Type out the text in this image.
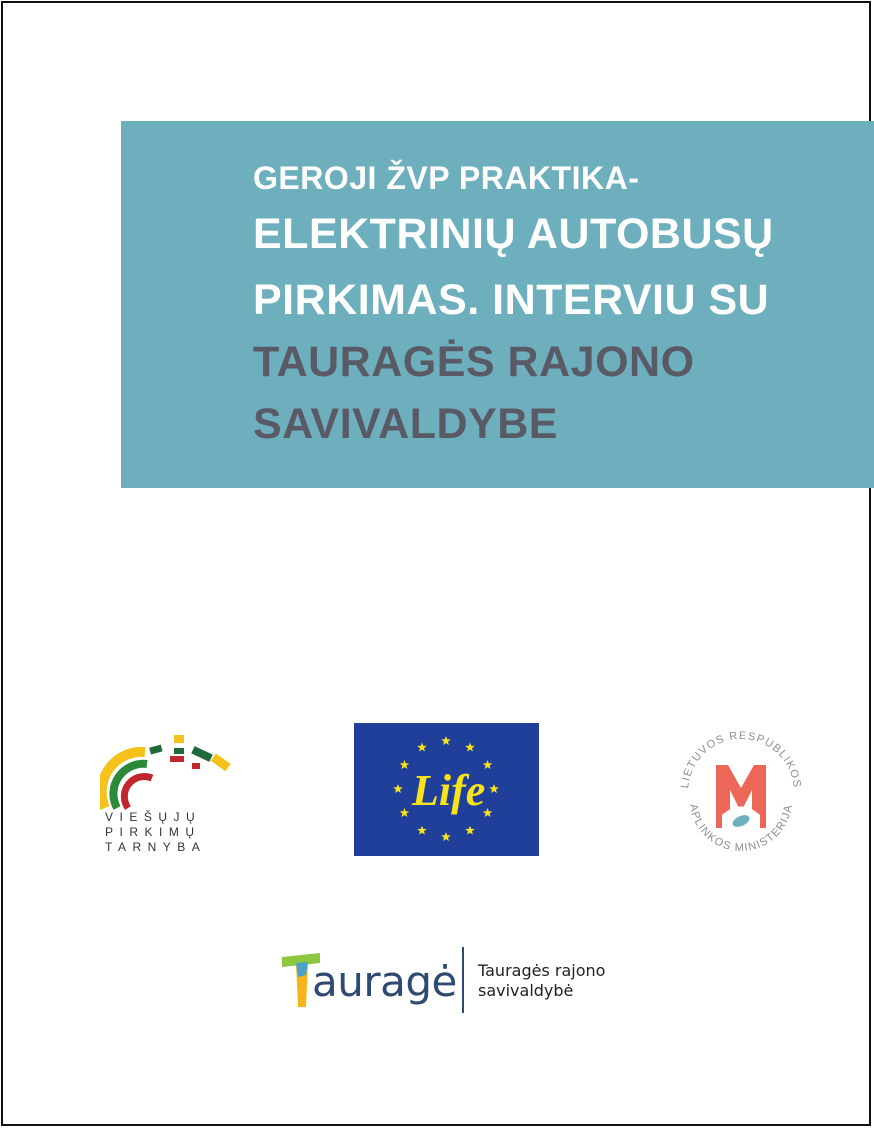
GEROJI ŽVP PRAKTIKA-
ELEKTRINIŲ AUTOBUSŲ
PIRKIMAS. INTERVIU SU
TAURAGĖS RAJONO
SAVIVALDYBE
VIEŠŲJŲ
PIRKIMŲ
TARNYBA
Life	LIETUVOS RESPUBLIKOS
APLINKOS MINISTERIJA
auragė Tauragės rajono
savivaldybė
